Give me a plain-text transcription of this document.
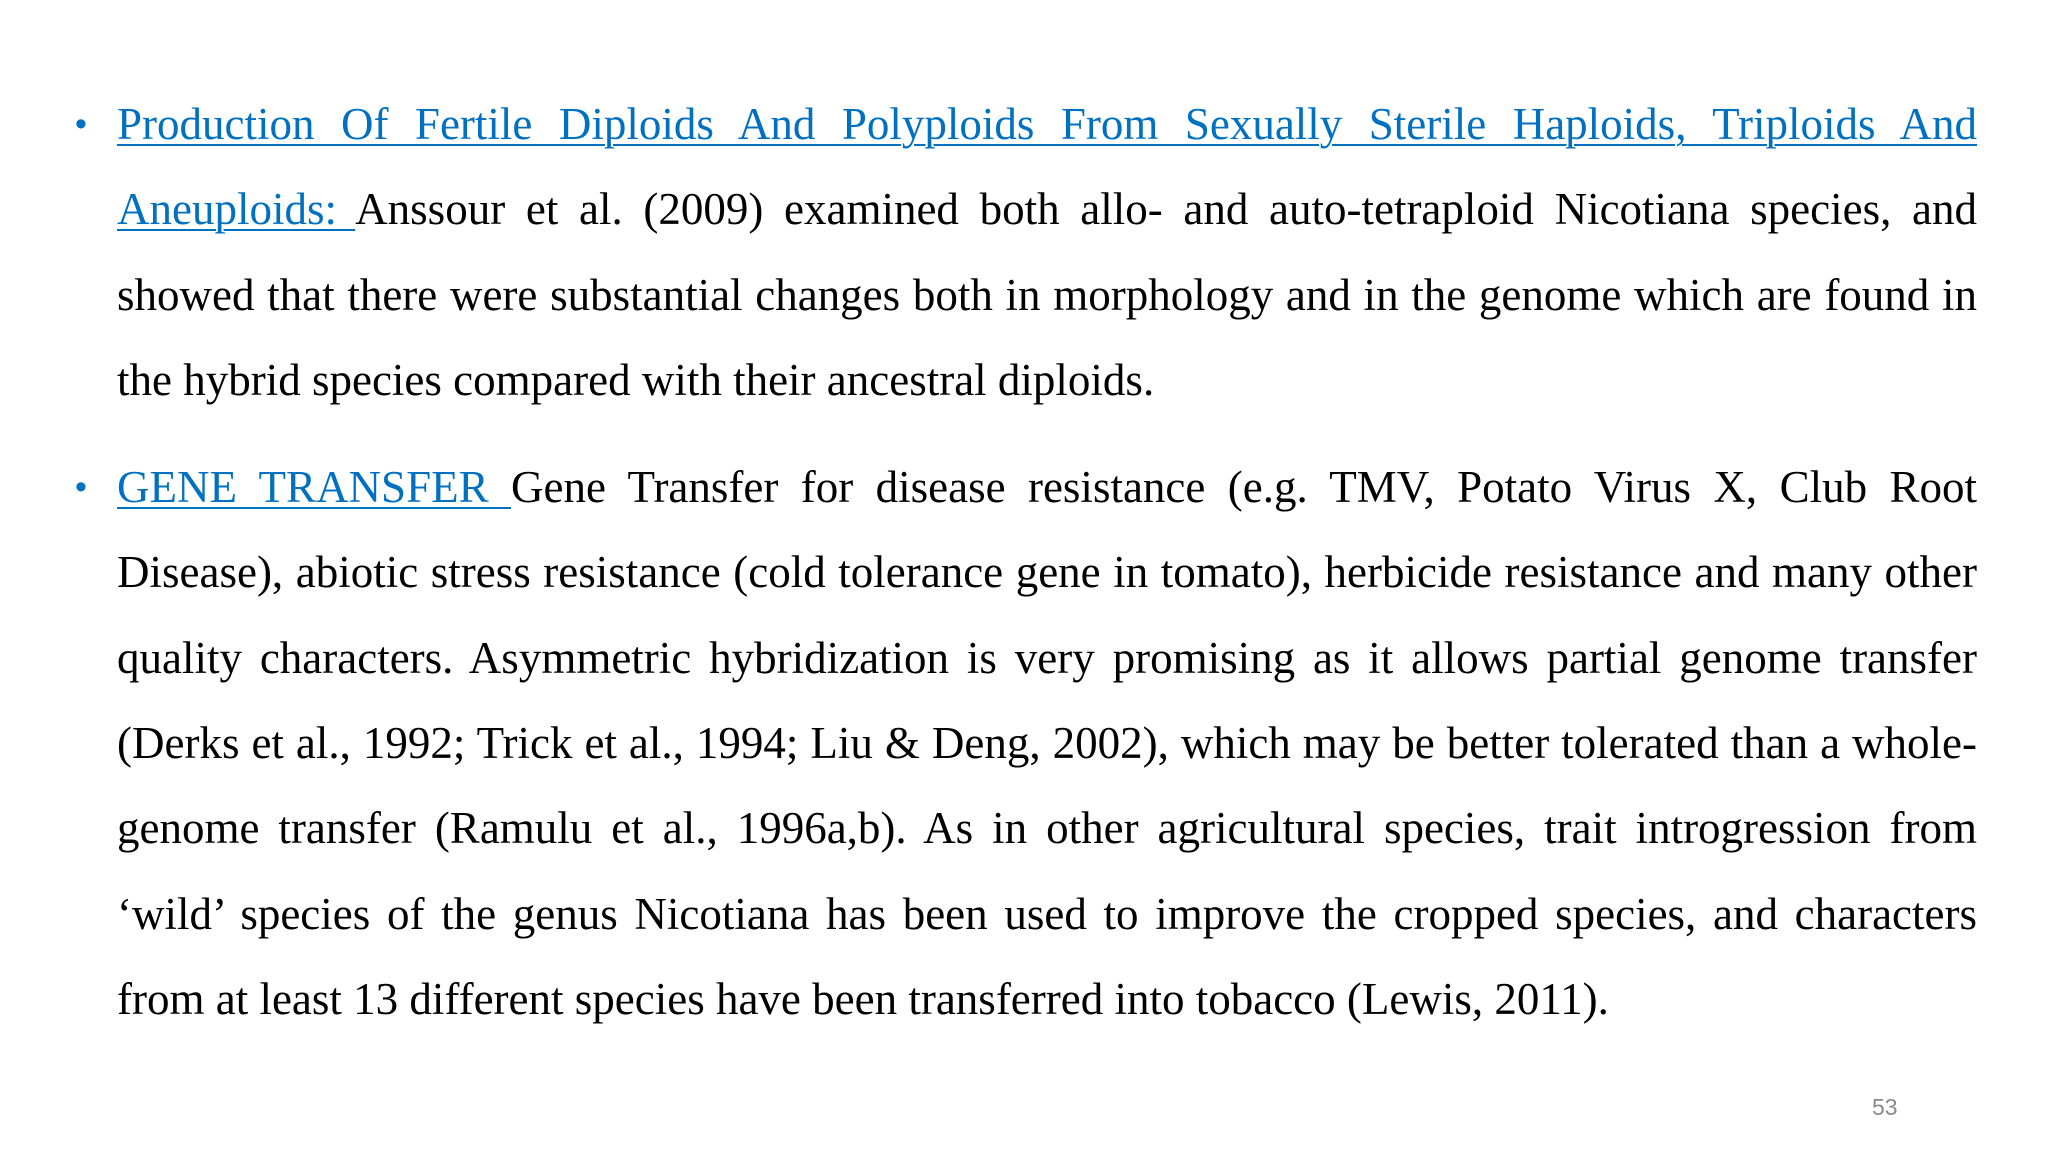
• Production Of Fertile Diploids And Polyploids From Sexually Sterile Haploids, Triploids And Aneuploids: Anssour et al. (2009) examined both allo- and auto-tetraploid Nicotiana species, and showed that there were substantial changes both in morphology and in the genome which are found in the hybrid species compared with their ancestral diploids.
• GENE TRANSFER Gene Transfer for disease resistance (e.g. TMV, Potato Virus X, Club Root Disease), abiotic stress resistance (cold tolerance gene in tomato), herbicide resistance and many other quality characters. Asymmetric hybridization is very promising as it allows partial genome transfer (Derks et al., 1992; Trick et al., 1994; Liu & Deng, 2002), which may be better tolerated than a whole-genome transfer (Ramulu et al., 1996a,b). As in other agricultural species, trait introgression from ‘wild’ species of the genus Nicotiana has been used to improve the cropped species, and characters from at least 13 different species have been transferred into tobacco (Lewis, 2011).
53
